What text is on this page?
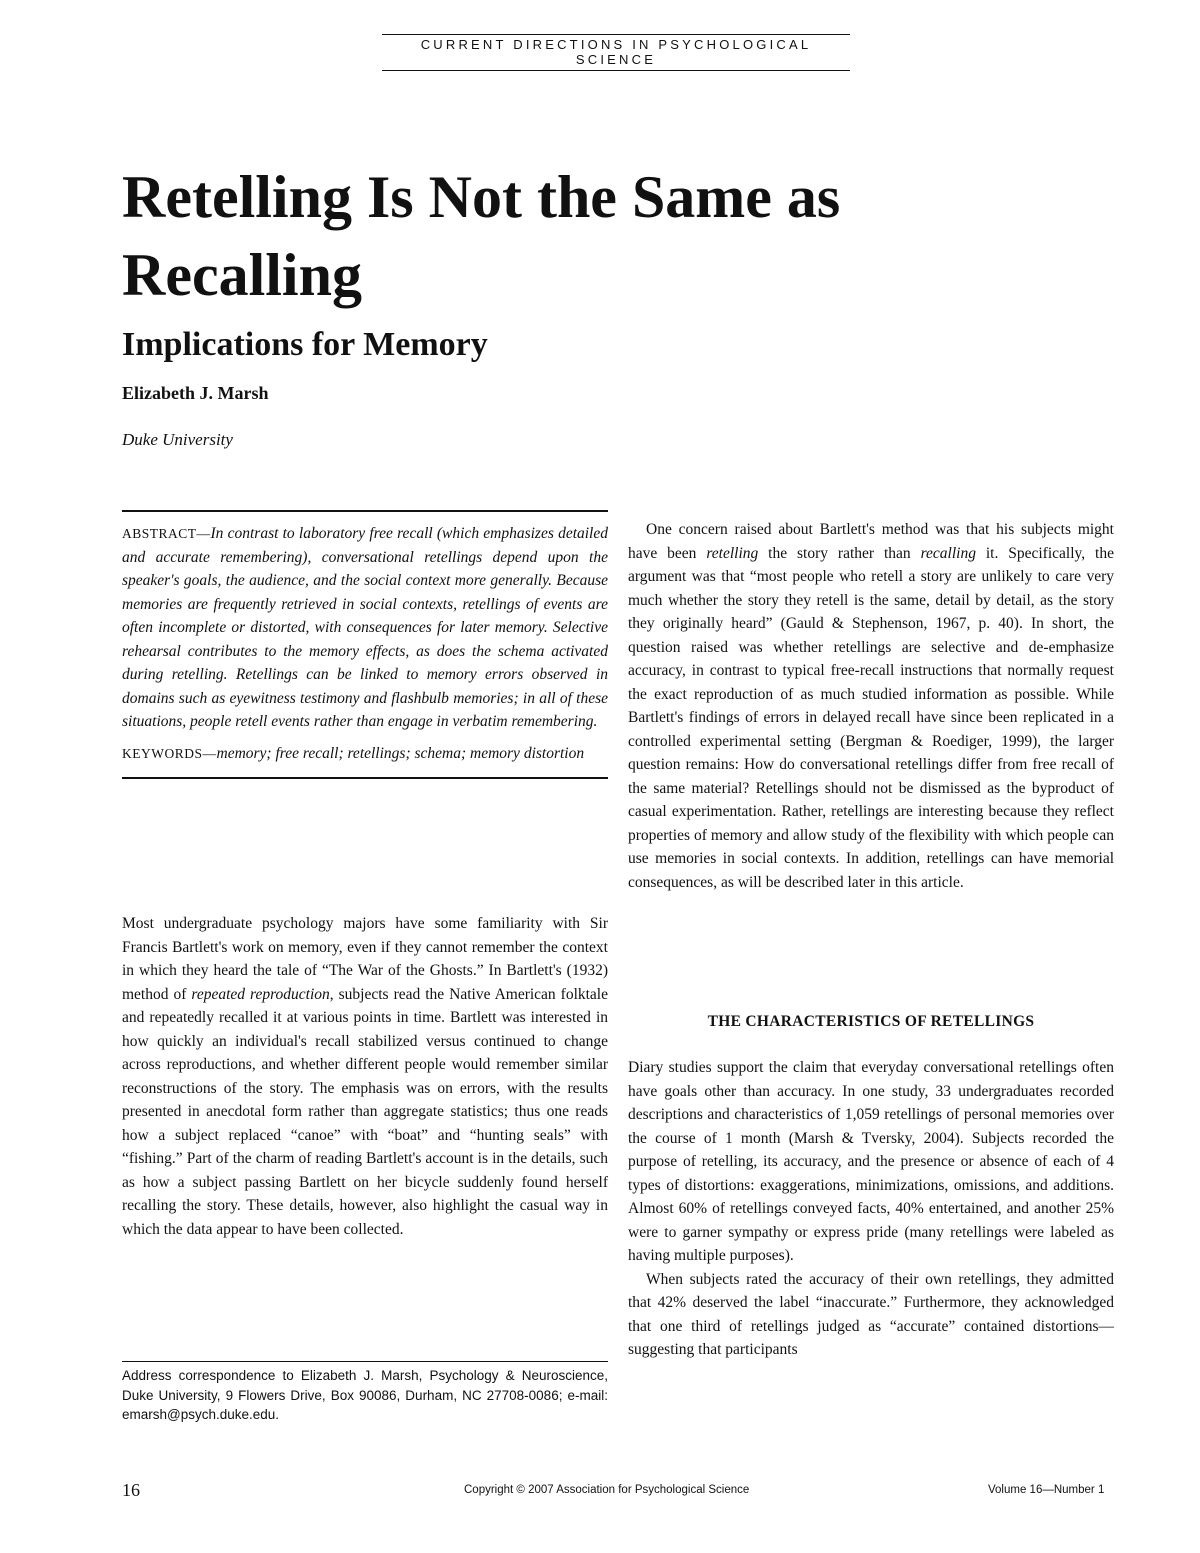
CURRENT DIRECTIONS IN PSYCHOLOGICAL SCIENCE
Retelling Is Not the Same as Recalling
Implications for Memory
Elizabeth J. Marsh
Duke University

ABSTRACT—In contrast to laboratory free recall (which emphasizes detailed and accurate remembering), conversational retellings depend upon the speaker's goals, the audience, and the social context more generally. Because memories are frequently retrieved in social contexts, retellings of events are often incomplete or distorted, with consequences for later memory. Selective rehearsal contributes to the memory effects, as does the schema activated during retelling. Retellings can be linked to memory errors observed in domains such as eyewitness testimony and flashbulb memories; in all of these situations, people retell events rather than engage in verbatim remembering.

KEYWORDS—memory; free recall; retellings; schema; memory distortion

Most undergraduate psychology majors have some familiarity with Sir Francis Bartlett's work on memory, even if they cannot remember the context in which they heard the tale of “The War of the Ghosts.” In Bartlett's (1932) method of repeated reproduction, subjects read the Native American folktale and repeatedly recalled it at various points in time. Bartlett was interested in how quickly an individual's recall stabilized versus continued to change across reproductions, and whether different people would remember similar reconstructions of the story. The emphasis was on errors, with the results presented in anecdotal form rather than aggregate statistics; thus one reads how a subject replaced “canoe” with “boat” and “hunting seals” with “fishing.” Part of the charm of reading Bartlett's account is in the details, such as how a subject passing Bartlett on her bicycle suddenly found herself recalling the story. These details, however, also highlight the casual way in which the data appear to have been collected.

One concern raised about Bartlett's method was that his subjects might have been retelling the story rather than recalling it. Specifically, the argument was that “most people who retell a story are unlikely to care very much whether the story they retell is the same, detail by detail, as the story they originally heard” (Gauld & Stephenson, 1967, p. 40). In short, the question raised was whether retellings are selective and de-emphasize accuracy, in contrast to typical free-recall instructions that normally request the exact reproduction of as much studied information as possible. While Bartlett's findings of errors in delayed recall have since been replicated in a controlled experimental setting (Bergman & Roediger, 1999), the larger question remains: How do conversational retellings differ from free recall of the same material? Retellings should not be dismissed as the byproduct of casual experimentation. Rather, retellings are interesting because they reflect properties of memory and allow study of the flexibility with which people can use memories in social contexts. In addition, retellings can have memorial consequences, as will be described later in this article.

THE CHARACTERISTICS OF RETELLINGS

Diary studies support the claim that everyday conversational retellings often have goals other than accuracy. In one study, 33 undergraduates recorded descriptions and characteristics of 1,059 retellings of personal memories over the course of 1 month (Marsh & Tversky, 2004). Subjects recorded the purpose of retelling, its accuracy, and the presence or absence of each of 4 types of distortions: exaggerations, minimizations, omissions, and additions. Almost 60% of retellings conveyed facts, 40% entertained, and another 25% were to garner sympathy or express pride (many retellings were labeled as having multiple purposes).

When subjects rated the accuracy of their own retellings, they admitted that 42% deserved the label “inaccurate.” Furthermore, they acknowledged that one third of retellings judged as “accurate” contained distortions—suggesting that participants

Address correspondence to Elizabeth J. Marsh, Psychology & Neuroscience, Duke University, 9 Flowers Drive, Box 90086, Durham, NC 27708-0086; e-mail: emarsh@psych.duke.edu.
16	Copyright © 2007 Association for Psychological Science	Volume 16—Number 1
